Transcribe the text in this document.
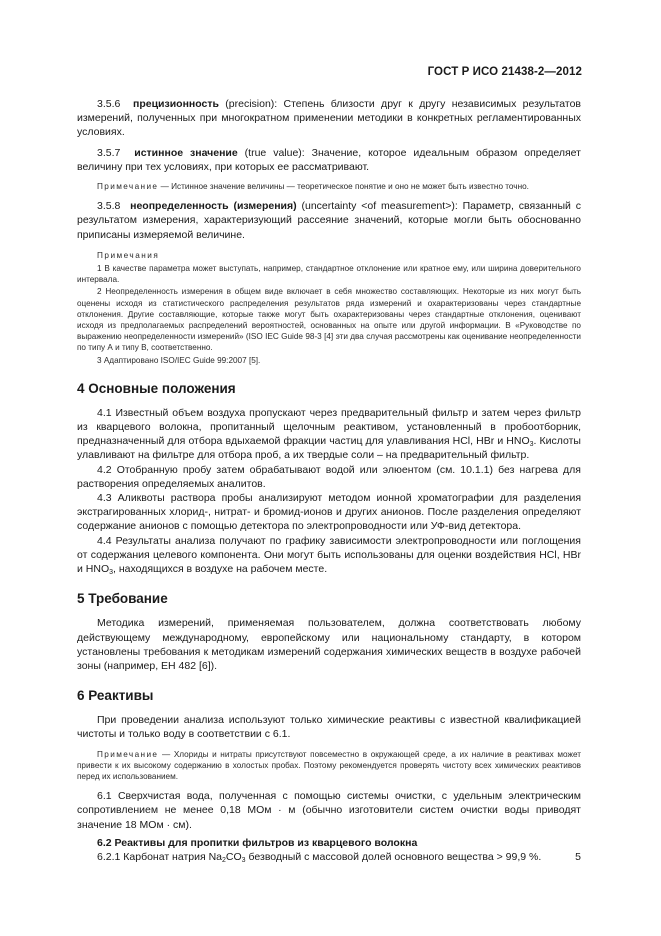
ГОСТ Р ИСО 21438-2—2012

3.5.6 прецизионность (precision): Степень близости друг к другу независимых результатов измерений, полученных при многократном применении методики в конкретных регламентированных условиях.

3.5.7 истинное значение (true value): Значение, которое идеальным образом определяет величину при тех условиях, при которых ее рассматривают.

Примечание — Истинное значение величины — теоретическое понятие и оно не может быть известно точно.

3.5.8 неопределенность (измерения) (uncertainty <of measurement>): Параметр, связанный с результатом измерения, характеризующий рассеяние значений, которые могли быть обоснованно приписаны измеряемой величине.

Примечания

1 В качестве параметра может выступать, например, стандартное отклонение или кратное ему, или ширина доверительного интервала.

2 Неопределенность измерения в общем виде включает в себя множество составляющих. Некоторые из них могут быть оценены исходя из статистического распределения результатов ряда измерений и охарактеризованы через стандартные отклонения. Другие составляющие, которые также могут быть охарактеризованы через стандартные отклонения, оценивают исходя из предполагаемых распределений вероятностей, основанных на опыте или другой информации. В «Руководстве по выражению неопределенности измерений» (ISO IEC Guide 98-3 [4] эти два случая рассмотрены как оценивание неопределенности по типу А и типу В, соответственно.

3 Адаптировано ISO/IEC Guide 99:2007 [5].

4 Основные положения

4.1 Известный объем воздуха пропускают через предварительный фильтр и затем через фильтр из кварцевого волокна, пропитанный щелочным реактивом, установленный в пробоотборник, предназначенный для отбора вдыхаемой фракции частиц для улавливания HCl, HBr и $HNO_3$. Кислоты улавливают на фильтре для отбора проб, а их твердые соли – на предварительный фильтр.

4.2 Отобранную пробу затем обрабатывают водой или элюентом (см. 10.1.1) без нагрева для растворения определяемых аналитов.

4.3 Аликвоты раствора пробы анализируют методом ионной хроматографии для разделения экстрагированных хлорид-, нитрат- и бромид-ионов и других анионов. После разделения определяют содержание анионов с помощью детектора по электропроводности или УФ-вид детектора.

4.4 Результаты анализа получают по графику зависимости электропроводности или поглощения от содержания целевого компонента. Они могут быть использованы для оценки воздействия HCl, HBr и $HNO_3$, находящихся в воздухе на рабочем месте.

5 Требование

Методика измерений, применяемая пользователем, должна соответствовать любому действующему международному, европейскому или национальному стандарту, в котором установлены требования к методикам измерений содержания химических веществ в воздухе рабочей зоны (например, ЕН 482 [6]).

6 Реактивы

При проведении анализа используют только химические реактивы с известной квалификацией чистоты и только воду в соответствии с 6.1.

Примечание — Хлориды и нитраты присутствуют повсеместно в окружающей среде, а их наличие в реактивах может привести к их высокому содержанию в холостых пробах. Поэтому рекомендуется проверять чистоту всех химических реактивов перед их использованием.

6.1 Сверхчистая вода, полученная с помощью системы очистки, с удельным электрическим сопротивлением не менее 0,18 МОм · м (обычно изготовители систем очистки воды приводят значение 18 МОм · см).

6.2 Реактивы для пропитки фильтров из кварцевого волокна

6.2.1 Карбонат натрия $Na_2CO_3$ безводный с массовой долей основного вещества > 99,9 %.	5
